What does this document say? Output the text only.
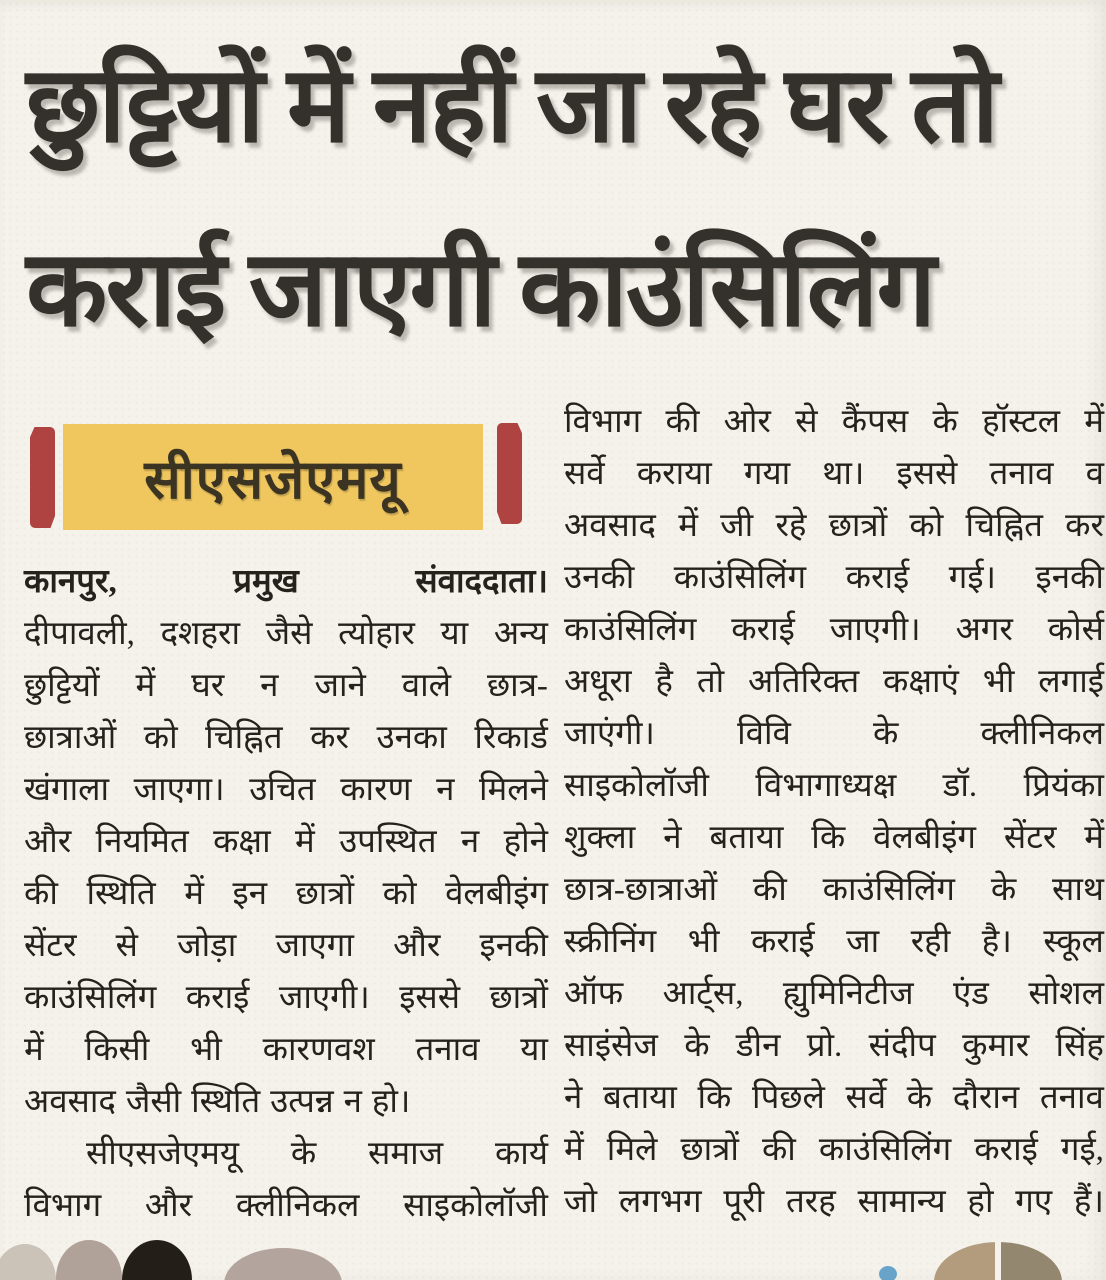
छुट्टियों में नहीं जा रहे घर तो
कराई जाएगी काउंसिलिंग
सीएसजेएमयू
कानपुर,	प्रमुख	संवाददाता।
दीपावली, दशहरा जैसे त्योहार या अन्य
छुट्टियों में घर न जाने वाले छात्र-
छात्राओं को चिह्नित कर उनका रिकार्ड
खंगाला जाएगा। उचित कारण न मिलने
और नियमित कक्षा में उपस्थित न होने
की स्थिति में इन छात्रों को वेलबीइंग
सेंटर से जोड़ा जाएगा और इनकी
काउंसिलिंग कराई जाएगी। इससे छात्रों
में किसी भी कारणवश तनाव या
अवसाद जैसी स्थिति उत्पन्न न हो।
सीएसजेएमयू के समाज कार्य
विभाग और क्लीनिकल साइकोलॉजी
विभाग की ओर से कैंपस के हॉस्टल में
सर्वे कराया गया था। इससे तनाव व
अवसाद में जी रहे छात्रों को चिह्नित कर
उनकी काउंसिलिंग कराई गई। इनकी
काउंसिलिंग कराई जाएगी। अगर कोर्स
अधूरा है तो अतिरिक्त कक्षाएं भी लगाई
जाएंगी। विवि के क्लीनिकल
साइकोलॉजी विभागाध्यक्ष डॉ. प्रियंका
शुक्ला ने बताया कि वेलबीइंग सेंटर में
छात्र-छात्राओं की काउंसिलिंग के साथ
स्क्रीनिंग भी कराई जा रही है। स्कूल
ऑफ आर्ट्स, ह्युमिनिटीज एंड सोशल
साइंसेज के डीन प्रो. संदीप कुमार सिंह
ने बताया कि पिछले सर्वे के दौरान तनाव
में मिले छात्रों की काउंसिलिंग कराई गई,
जो लगभग पूरी तरह सामान्य हो गए हैं।
